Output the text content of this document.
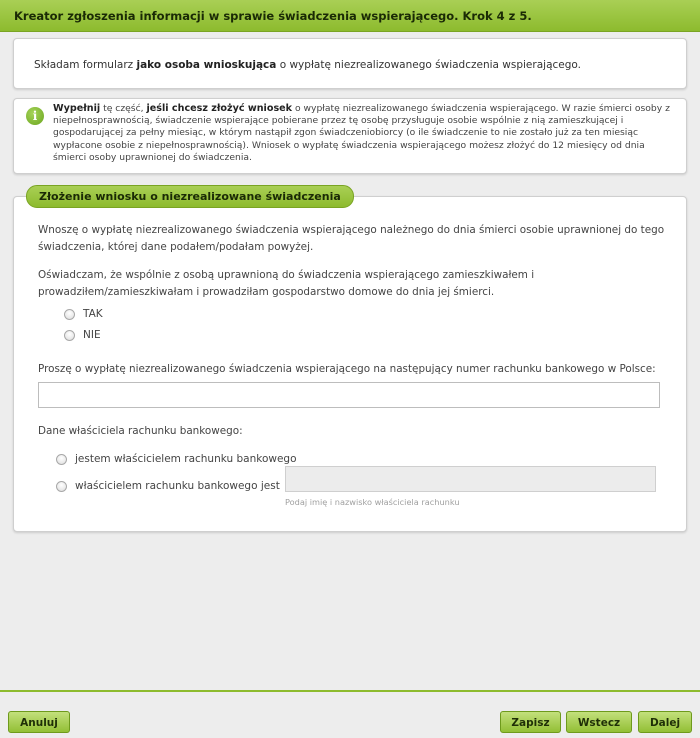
Kreator zgłoszenia informacji w sprawie świadczenia wspierającego. Krok 4 z 5.
Składam formularz jako osoba wnioskująca o wypłatę niezrealizowanego świadczenia wspierającego.
i
Wypełnij tę część, jeśli chcesz złożyć wniosek o wypłatę niezrealizowanego świadczenia wspierającego. W razie śmierci osoby z niepełnosprawnością, świadczenie wspierające pobierane przez tę osobę przysługuje osobie wspólnie z nią zamieszkującej i gospodarującej za pełny miesiąc, w którym nastąpił zgon świadczeniobiorcy (o ile świadczenie to nie zostało już za ten miesiąc wypłacone osobie z niepełnosprawnością). Wniosek o wypłatę świadczenia wspierającego możesz złożyć do 12 miesięcy od dnia śmierci osoby uprawnionej do świadczenia.
Złożenie wniosku o niezrealizowane świadczenia
Wnoszę o wypłatę niezrealizowanego świadczenia wspierającego należnego do dnia śmierci osobie uprawnionej do tego świadczenia, której dane podałem/podałam powyżej.
Oświadczam, że wspólnie z osobą uprawnioną do świadczenia wspierającego zamieszkiwałem i prowadziłem/zamieszkiwałam i prowadziłam gospodarstwo domowe do dnia jej śmierci.
TAK
NIE
Proszę o wypłatę niezrealizowanego świadczenia wspierającego na następujący numer rachunku bankowego w Polsce:
Dane właściciela rachunku bankowego:
jestem właścicielem rachunku bankowego
właścicielem rachunku bankowego jest
Podaj imię i nazwisko właściciela rachunku
Anuluj	Zapisz	Wstecz	Dalej
